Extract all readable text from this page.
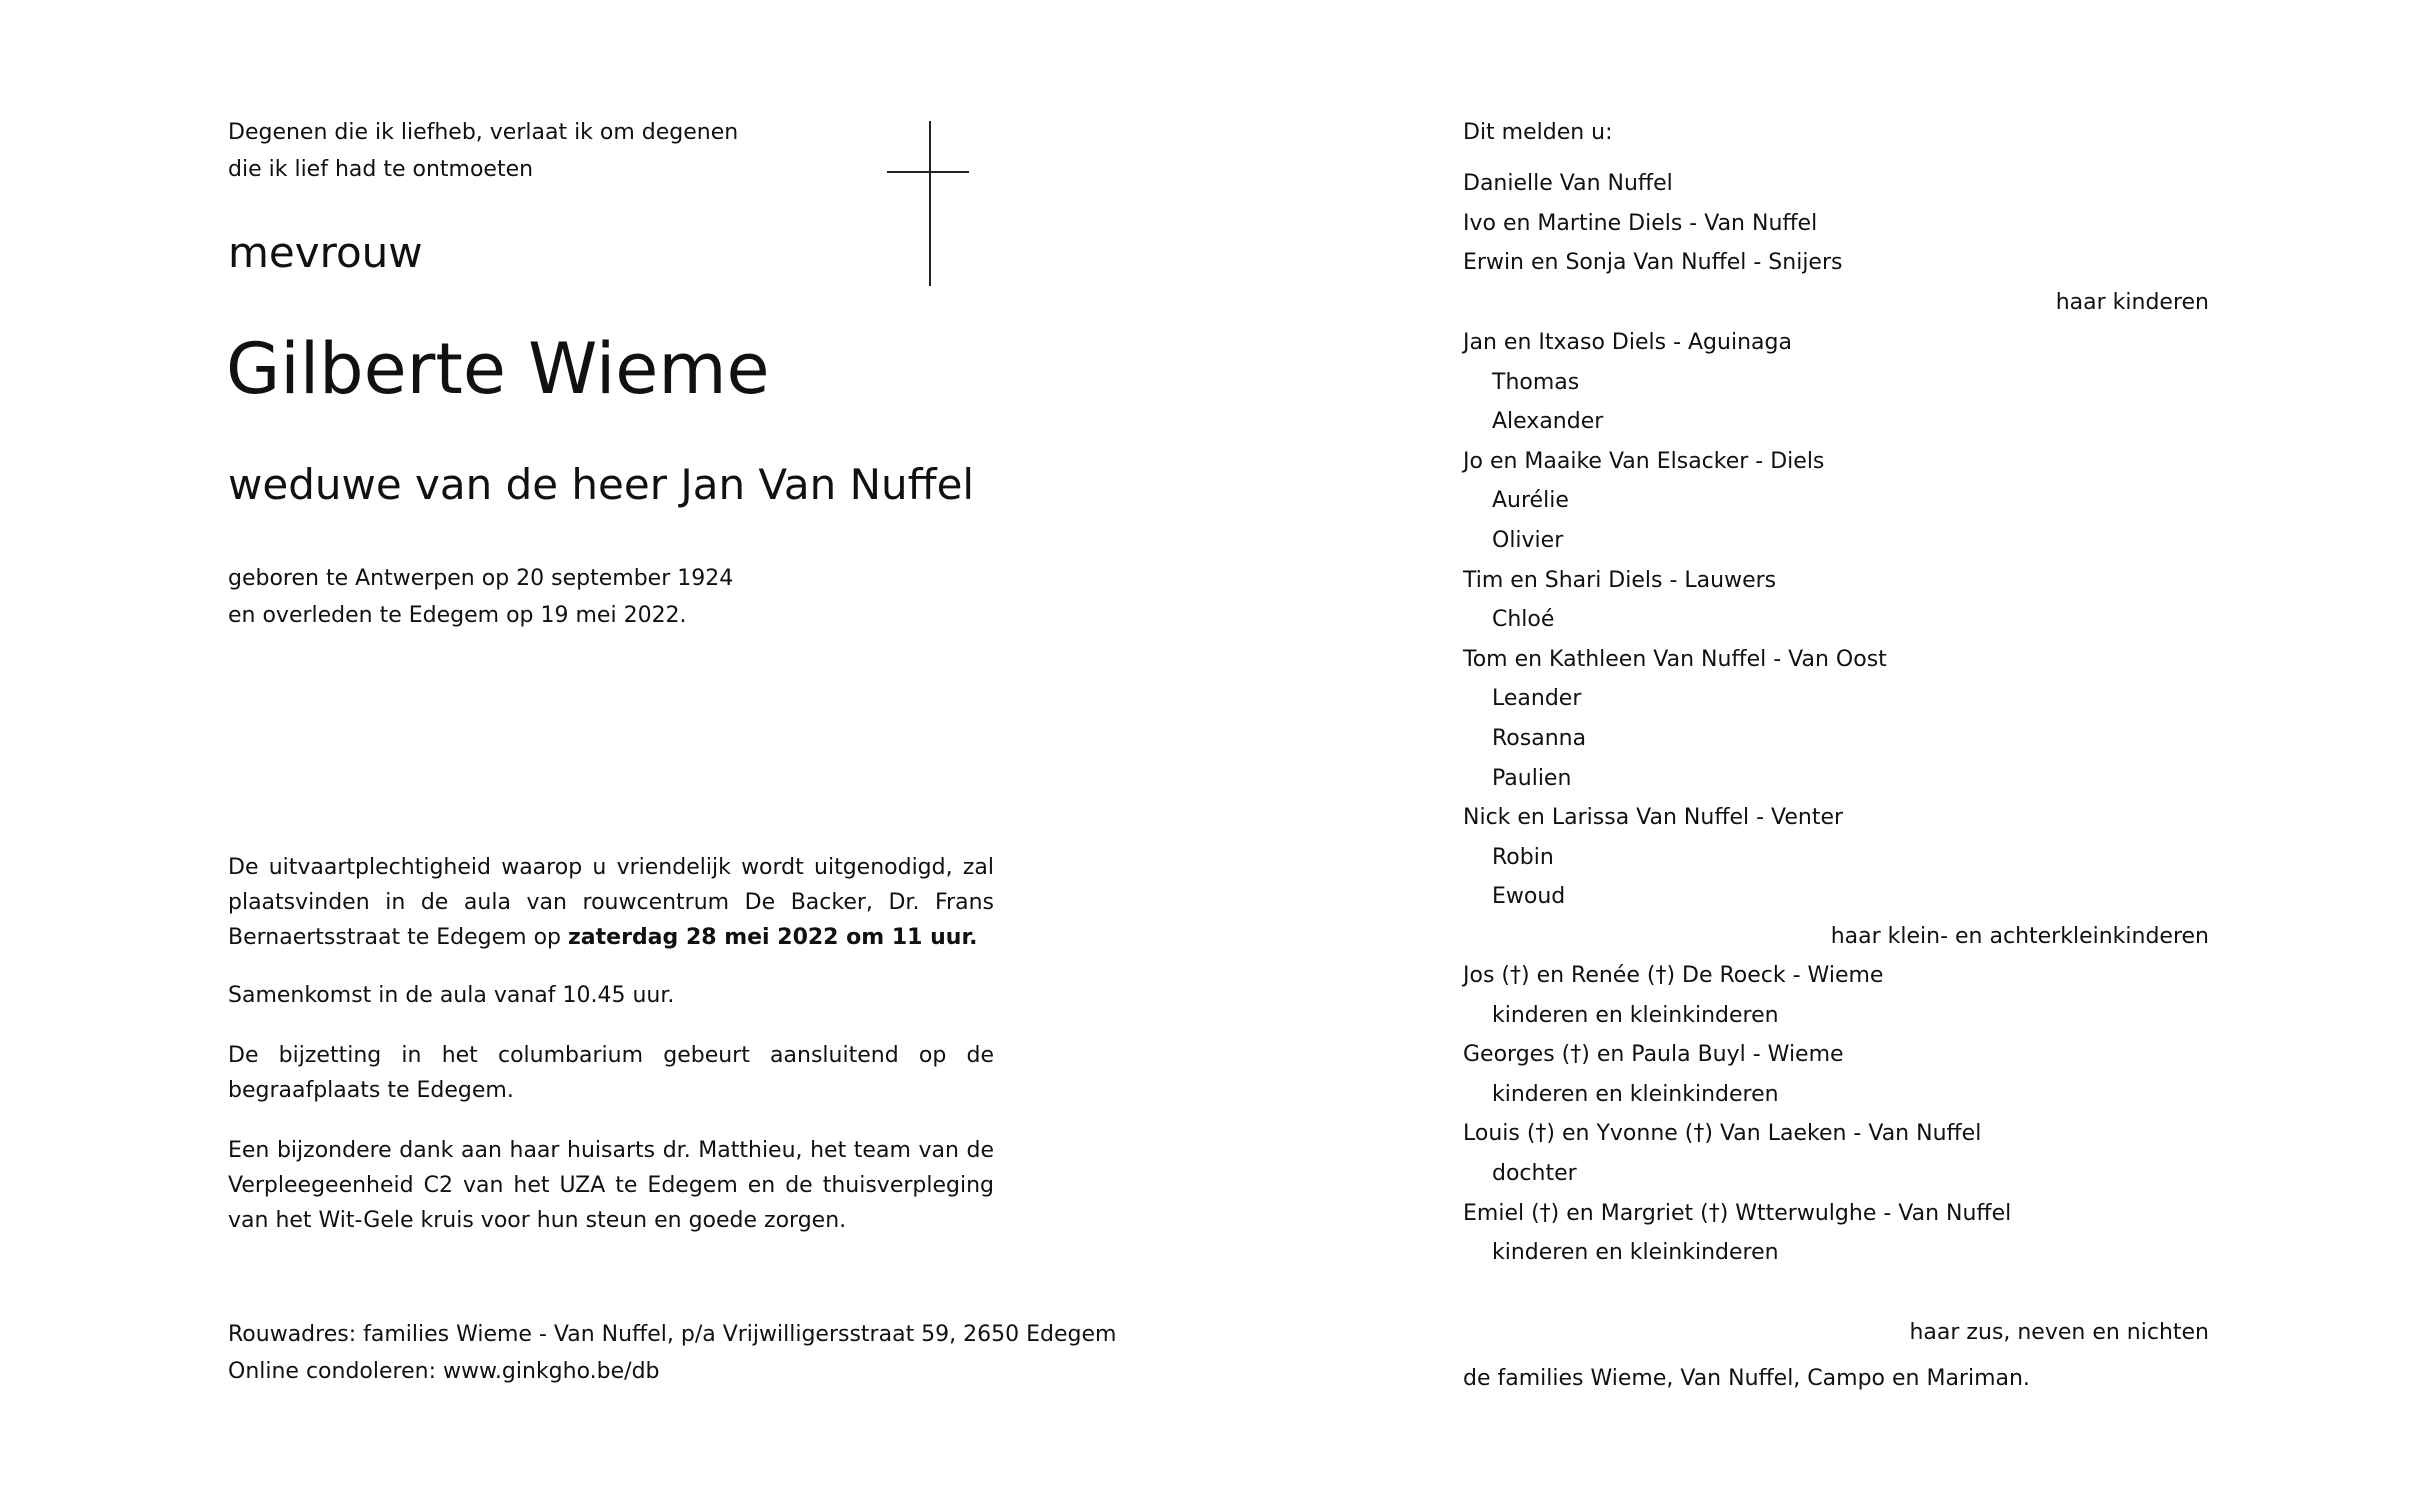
Degenen die ik liefheb, verlaat ik om degenen
die ik lief had te ontmoeten
mevrouw
Gilberte Wieme
weduwe van de heer Jan Van Nuffel
geboren te Antwerpen op 20 september 1924
en overleden te Edegem op 19 mei 2022.
De uitvaartplechtigheid waarop u vriendelijk wordt uitgenodigd, zal plaatsvinden in de aula van rouwcentrum De Backer, Dr. Frans Bernaertsstraat te Edegem op zaterdag 28 mei 2022 om 11 uur.
Samenkomst in de aula vanaf 10.45 uur.
De bijzetting in het columbarium gebeurt aansluitend op de begraafplaats te Edegem.
Een bijzondere dank aan haar huisarts dr. Matthieu, het team van de Verpleegeenheid C2 van het UZA te Edegem en de thuisverpleging van het Wit-Gele kruis voor hun steun en goede zorgen.
Rouwadres: families Wieme - Van Nuffel, p/a Vrijwilligersstraat 59, 2650 Edegem
Online condoleren: www.ginkgho.be/db
Dit melden u:
Danielle Van Nuffel
Ivo en Martine Diels - Van Nuffel
Erwin en Sonja Van Nuffel - Snijers
haar kinderen
Jan en Itxaso Diels - Aguinaga
Thomas
Alexander
Jo en Maaike Van Elsacker - Diels
Aurélie
Olivier
Tim en Shari Diels - Lauwers
Chloé
Tom en Kathleen Van Nuffel - Van Oost
Leander
Rosanna
Paulien
Nick en Larissa Van Nuffel - Venter
Robin
Ewoud
haar klein- en achterkleinkinderen
Jos (†) en Renée (†) De Roeck - Wieme
kinderen en kleinkinderen
Georges (†) en Paula Buyl - Wieme
kinderen en kleinkinderen
Louis (†) en Yvonne (†) Van Laeken - Van Nuffel
dochter
Emiel (†) en Margriet (†) Wtterwulghe - Van Nuffel
kinderen en kleinkinderen
haar zus, neven en nichten
de families Wieme, Van Nuffel, Campo en Mariman.
